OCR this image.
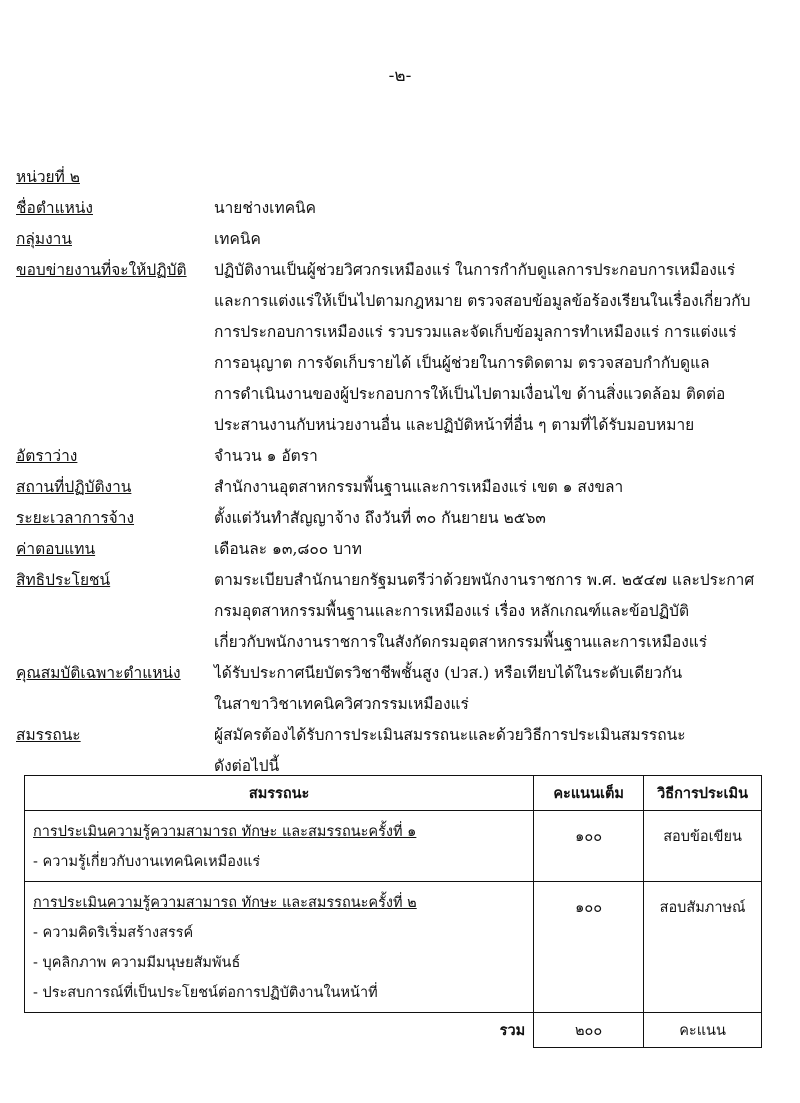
-๒-
หน่วยที่ ๒
ชื่อตำแหน่ง	นายช่างเทคนิค
กลุ่มงาน	เทคนิค
ขอบข่ายงานที่จะให้ปฏิบัติ	ปฏิบัติงานเป็นผู้ช่วยวิศวกรเหมืองแร่ ในการกำกับดูแลการประกอบการเหมืองแร่
และการแต่งแร่ให้เป็นไปตามกฎหมาย ตรวจสอบข้อมูลข้อร้องเรียนในเรื่องเกี่ยวกับ
การประกอบการเหมืองแร่ รวบรวมและจัดเก็บข้อมูลการทำเหมืองแร่ การแต่งแร่
การอนุญาต การจัดเก็บรายได้ เป็นผู้ช่วยในการติดตาม ตรวจสอบกำกับดูแล
การดำเนินงานของผู้ประกอบการให้เป็นไปตามเงื่อนไข ด้านสิ่งแวดล้อม ติดต่อ
ประสานงานกับหน่วยงานอื่น และปฏิบัติหน้าที่อื่น ๆ ตามที่ได้รับมอบหมาย
อัตราว่าง	จำนวน ๑ อัตรา
สถานที่ปฏิบัติงาน	สำนักงานอุตสาหกรรมพื้นฐานและการเหมืองแร่ เขต ๑ สงขลา
ระยะเวลาการจ้าง	ตั้งแต่วันทำสัญญาจ้าง ถึงวันที่ ๓๐ กันยายน ๒๕๖๓
ค่าตอบแทน	เดือนละ ๑๓,๘๐๐ บาท
สิทธิประโยชน์	ตามระเบียบสำนักนายกรัฐมนตรีว่าด้วยพนักงานราชการ พ.ศ. ๒๕๔๗ และประกาศ
กรมอุตสาหกรรมพื้นฐานและการเหมืองแร่ เรื่อง หลักเกณฑ์และข้อปฏิบัติ
เกี่ยวกับพนักงานราชการในสังกัดกรมอุตสาหกรรมพื้นฐานและการเหมืองแร่
คุณสมบัติเฉพาะตำแหน่ง	ได้รับประกาศนียบัตรวิชาชีพชั้นสูง (ปวส.) หรือเทียบได้ในระดับเดียวกัน
ในสาขาวิชาเทคนิควิศวกรรมเหมืองแร่
สมรรถนะ	ผู้สมัครต้องได้รับการประเมินสมรรถนะและด้วยวิธีการประเมินสมรรถนะ
ดังต่อไปนี้
สมรรถนะ	คะแนนเต็ม	วิธีการประเมิน

การประเมินความรู้ความสามารถ ทักษะ และสมรรถนะครั้งที่ ๑
- ความรู้เกี่ยวกับงานเทคนิคเหมืองแร่	๑๐๐	สอบข้อเขียน

การประเมินความรู้ความสามารถ ทักษะ และสมรรถนะครั้งที่ ๒
- ความคิดริเริ่มสร้างสรรค์
- บุคลิกภาพ ความมีมนุษยสัมพันธ์
- ประสบการณ์ที่เป็นประโยชน์ต่อการปฏิบัติงานในหน้าที่	๑๐๐	สอบสัมภาษณ์
รวม	๒๐๐	คะแนน
